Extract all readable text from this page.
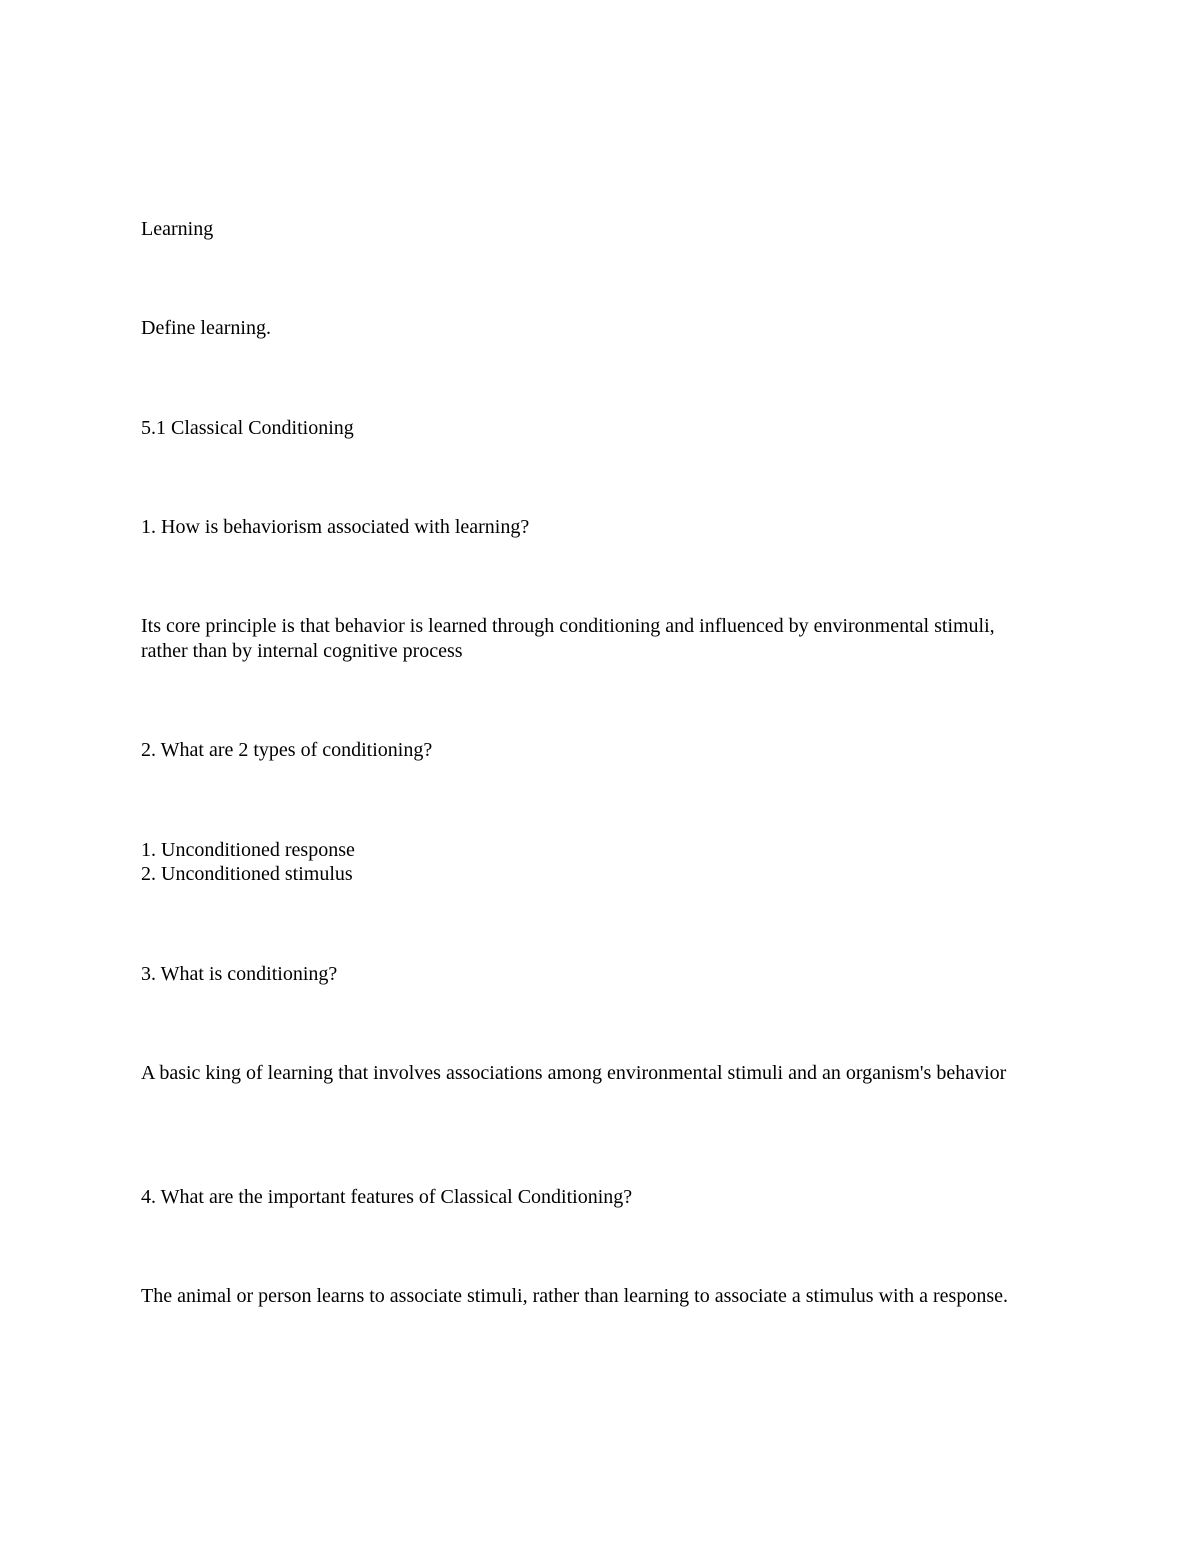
Learning

Define learning.

5.1 Classical Conditioning

1. How is behaviorism associated with learning?

Its core principle is that behavior is learned through conditioning and influenced by environmental stimuli, rather than by internal cognitive process

2. What are 2 types of conditioning?

1. Unconditioned response

2. Unconditioned stimulus

3. What is conditioning?

A basic king of learning that involves associations among environmental stimuli and an organism's behavior

4. What are the important features of Classical Conditioning?

The animal or person learns to associate stimuli, rather than learning to associate a stimulus with a response.
